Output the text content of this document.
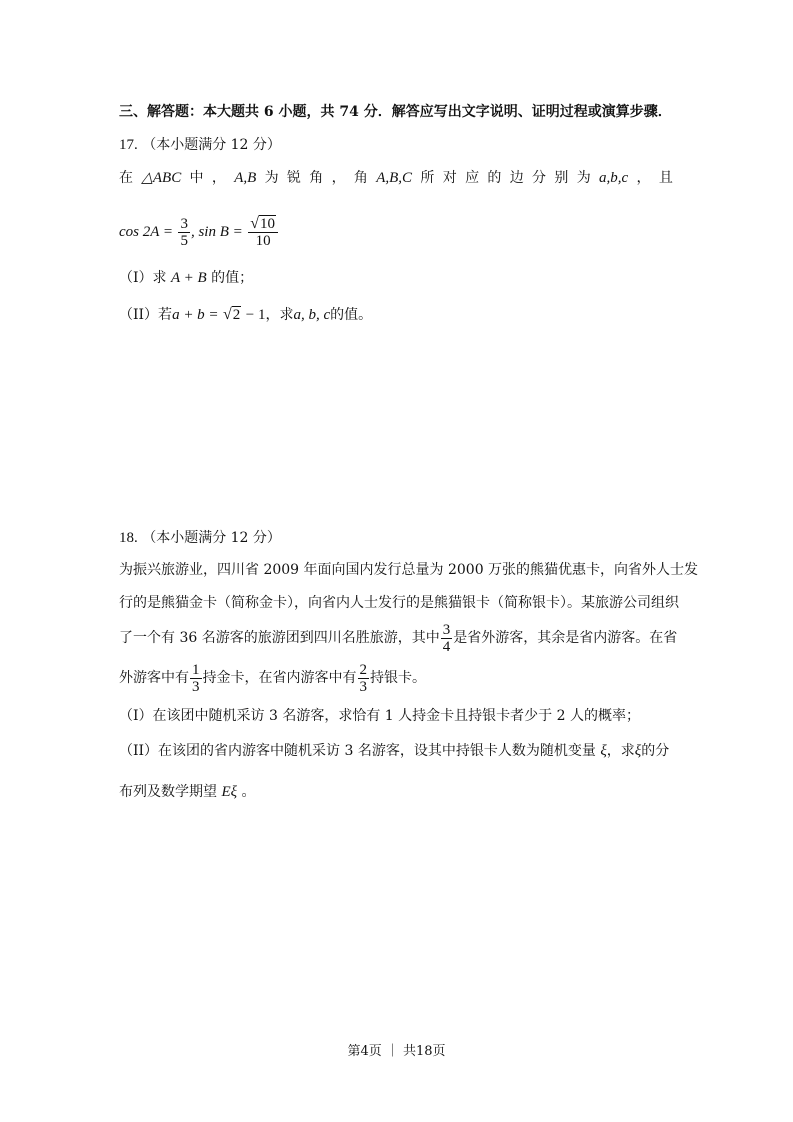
三、解答题：本大题共 6 小题，共 74 分．解答应写出文字说明、证明过程或演算步骤．
17. （本小题满分 12 分）
在 △ABC 中 ， A,B 为 锐 角 ， 角 A,B,C 所 对 应 的 边 分 别 为 a,b,c ， 且
$\cos 2A = \frac{3}{5}$ , $\sin B = \frac{√10}{10}$
（I）求 A + B 的值；
（II）若a + b = √2 − 1，求a, b, c的值。
18. （本小题满分 12 分）
为振兴旅游业，四川省 2009 年面向国内发行总量为 2000 万张的熊猫优惠卡，向省外人士发
行的是熊猫金卡（简称金卡），向省内人士发行的是熊猫银卡（简称银卡）。某旅游公司组织
了一个有 36 名游客的旅游团到四川名胜旅游，其中 $\frac{3}{4}$ 是省外游客，其余是省内游客。在省
外游客中有 $\frac{1}{3}$ 持金卡，在省内游客中有 $\frac{2}{3}$ 持银卡。
（I）在该团中随机采访 3 名游客，求恰有 1 人持金卡且持银卡者少于 2 人的概率；
（II）在该团的省内游客中随机采访 3 名游客，设其中持银卡人数为随机变量 ξ，求ξ的分
布列及数学期望 Eξ 。
第4页 ｜ 共18页
